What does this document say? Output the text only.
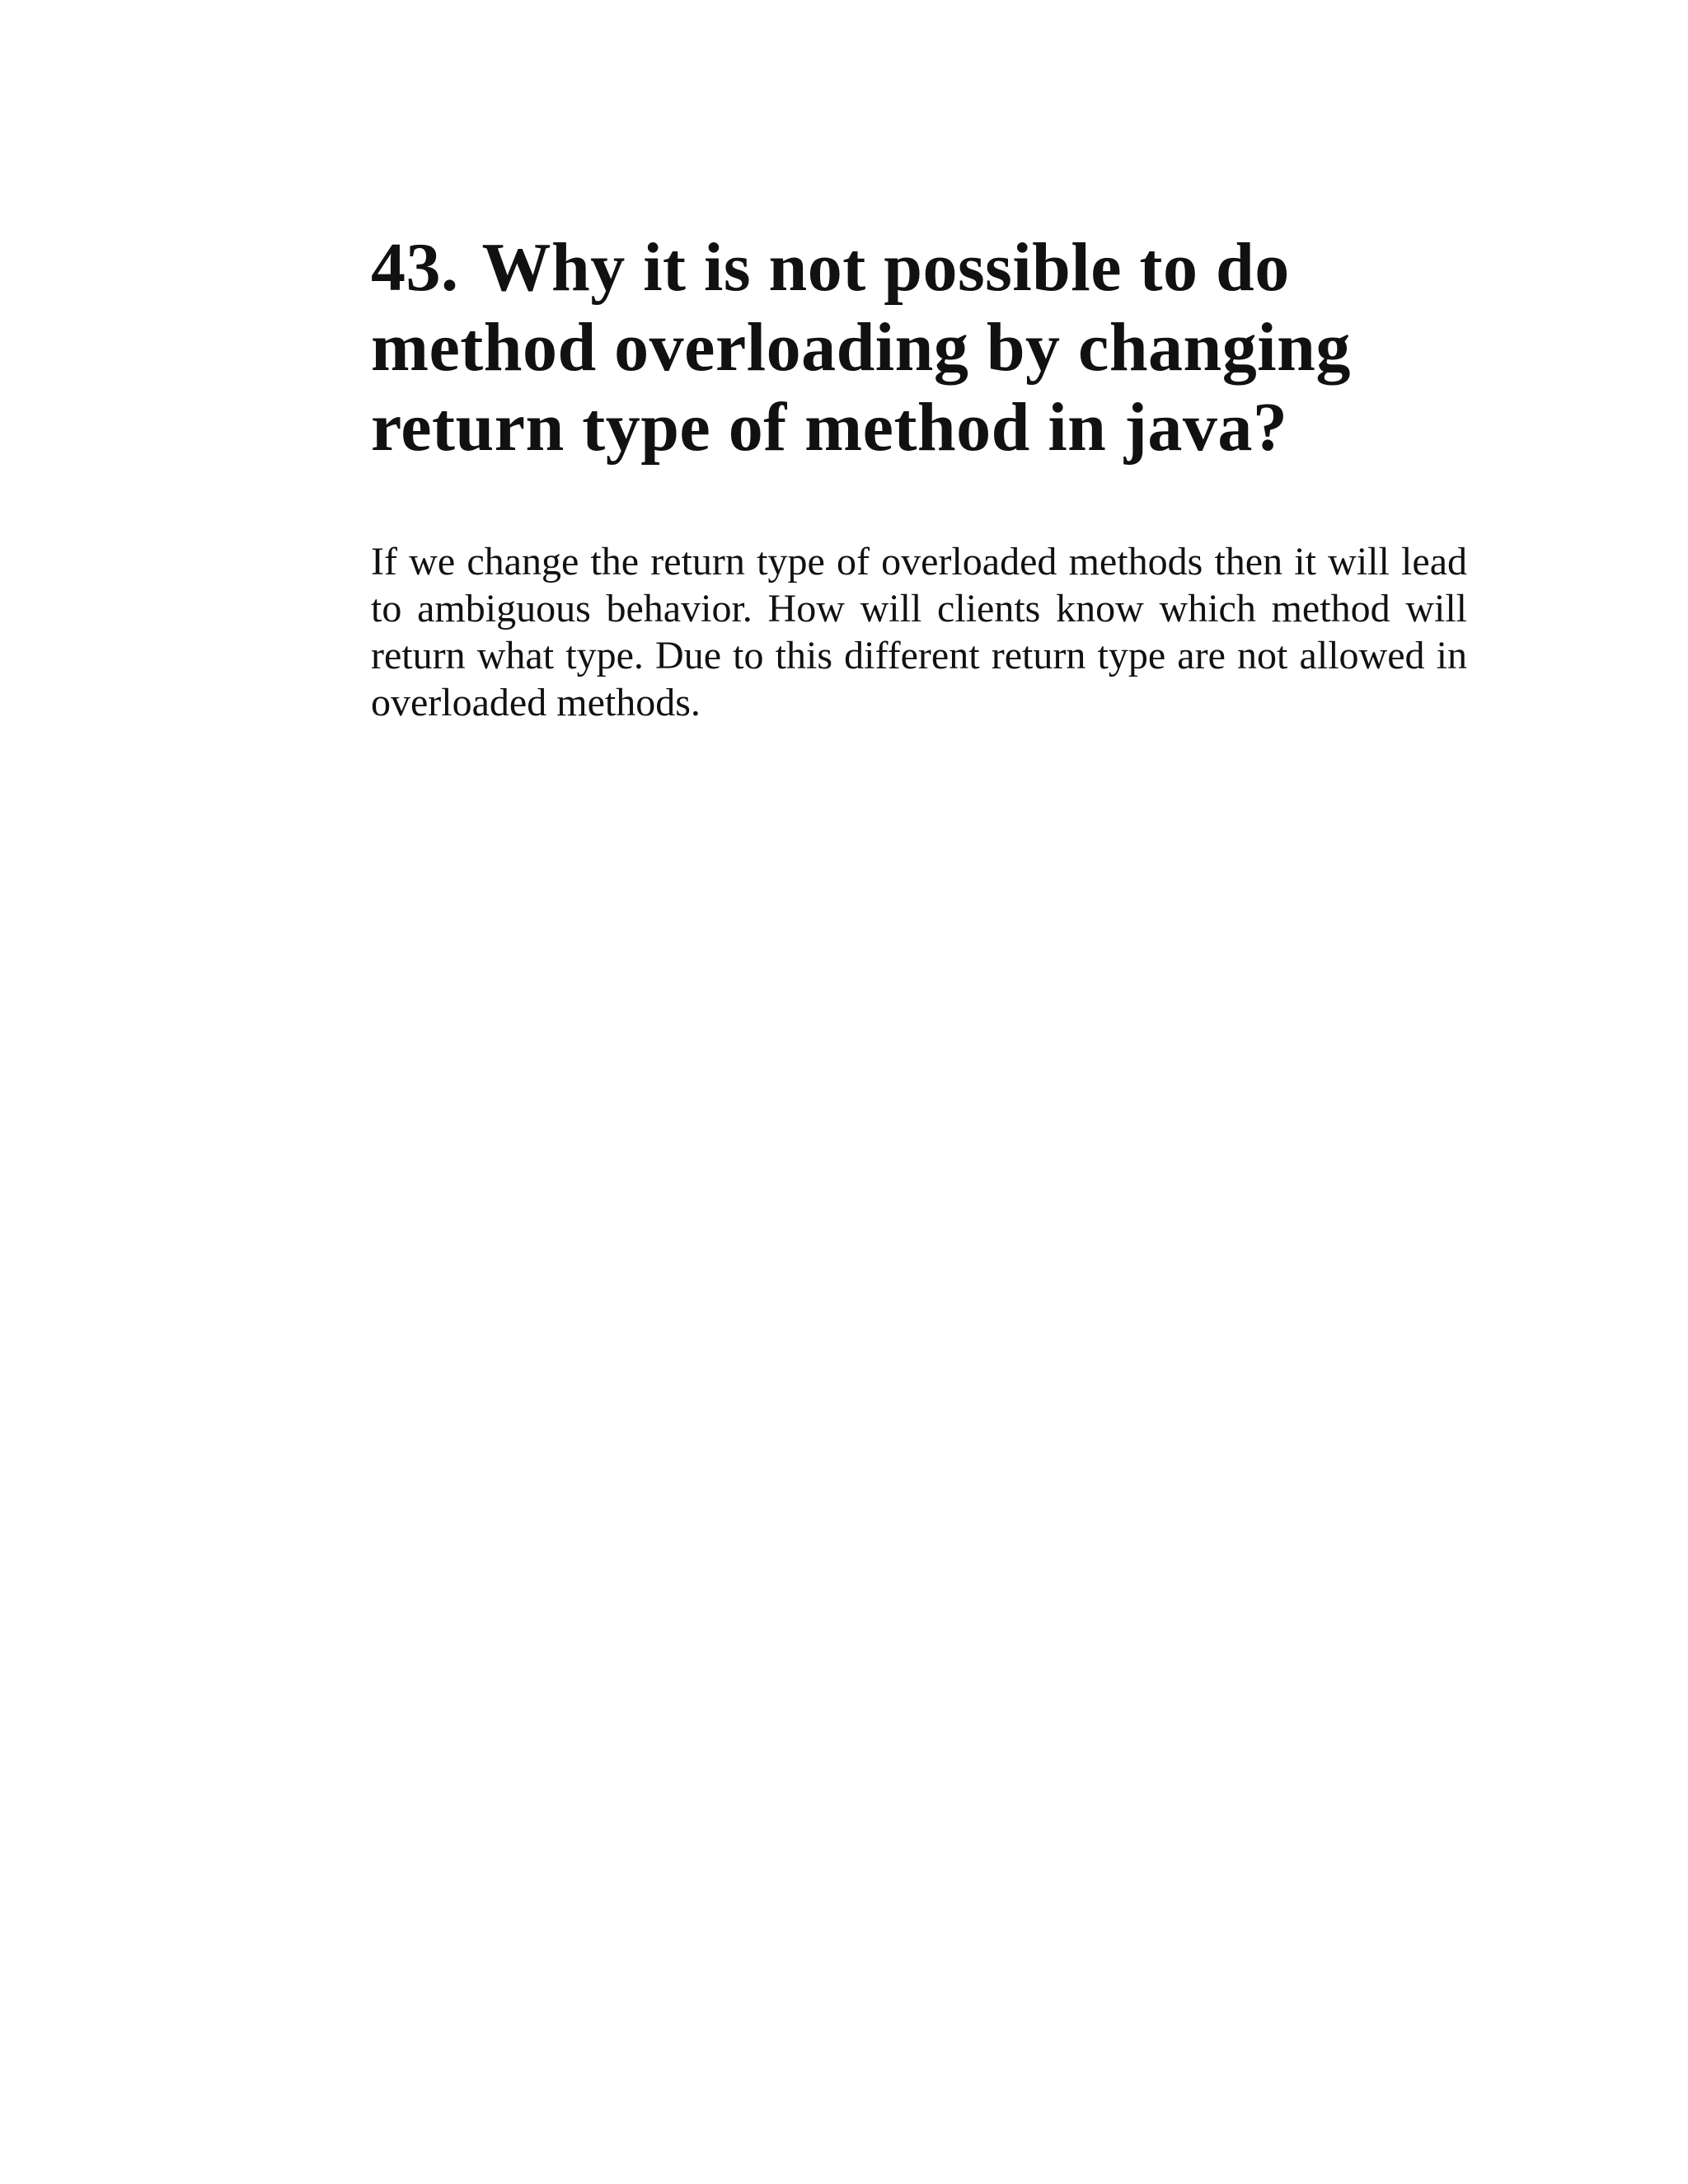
43. Why it is not possible to do
method overloading by changing
return type of method in java?

If we change the return type of overloaded methods then it will lead
to ambiguous behavior. How will clients know which method will
return what type. Due to this different return type are not allowed in
overloaded methods.
